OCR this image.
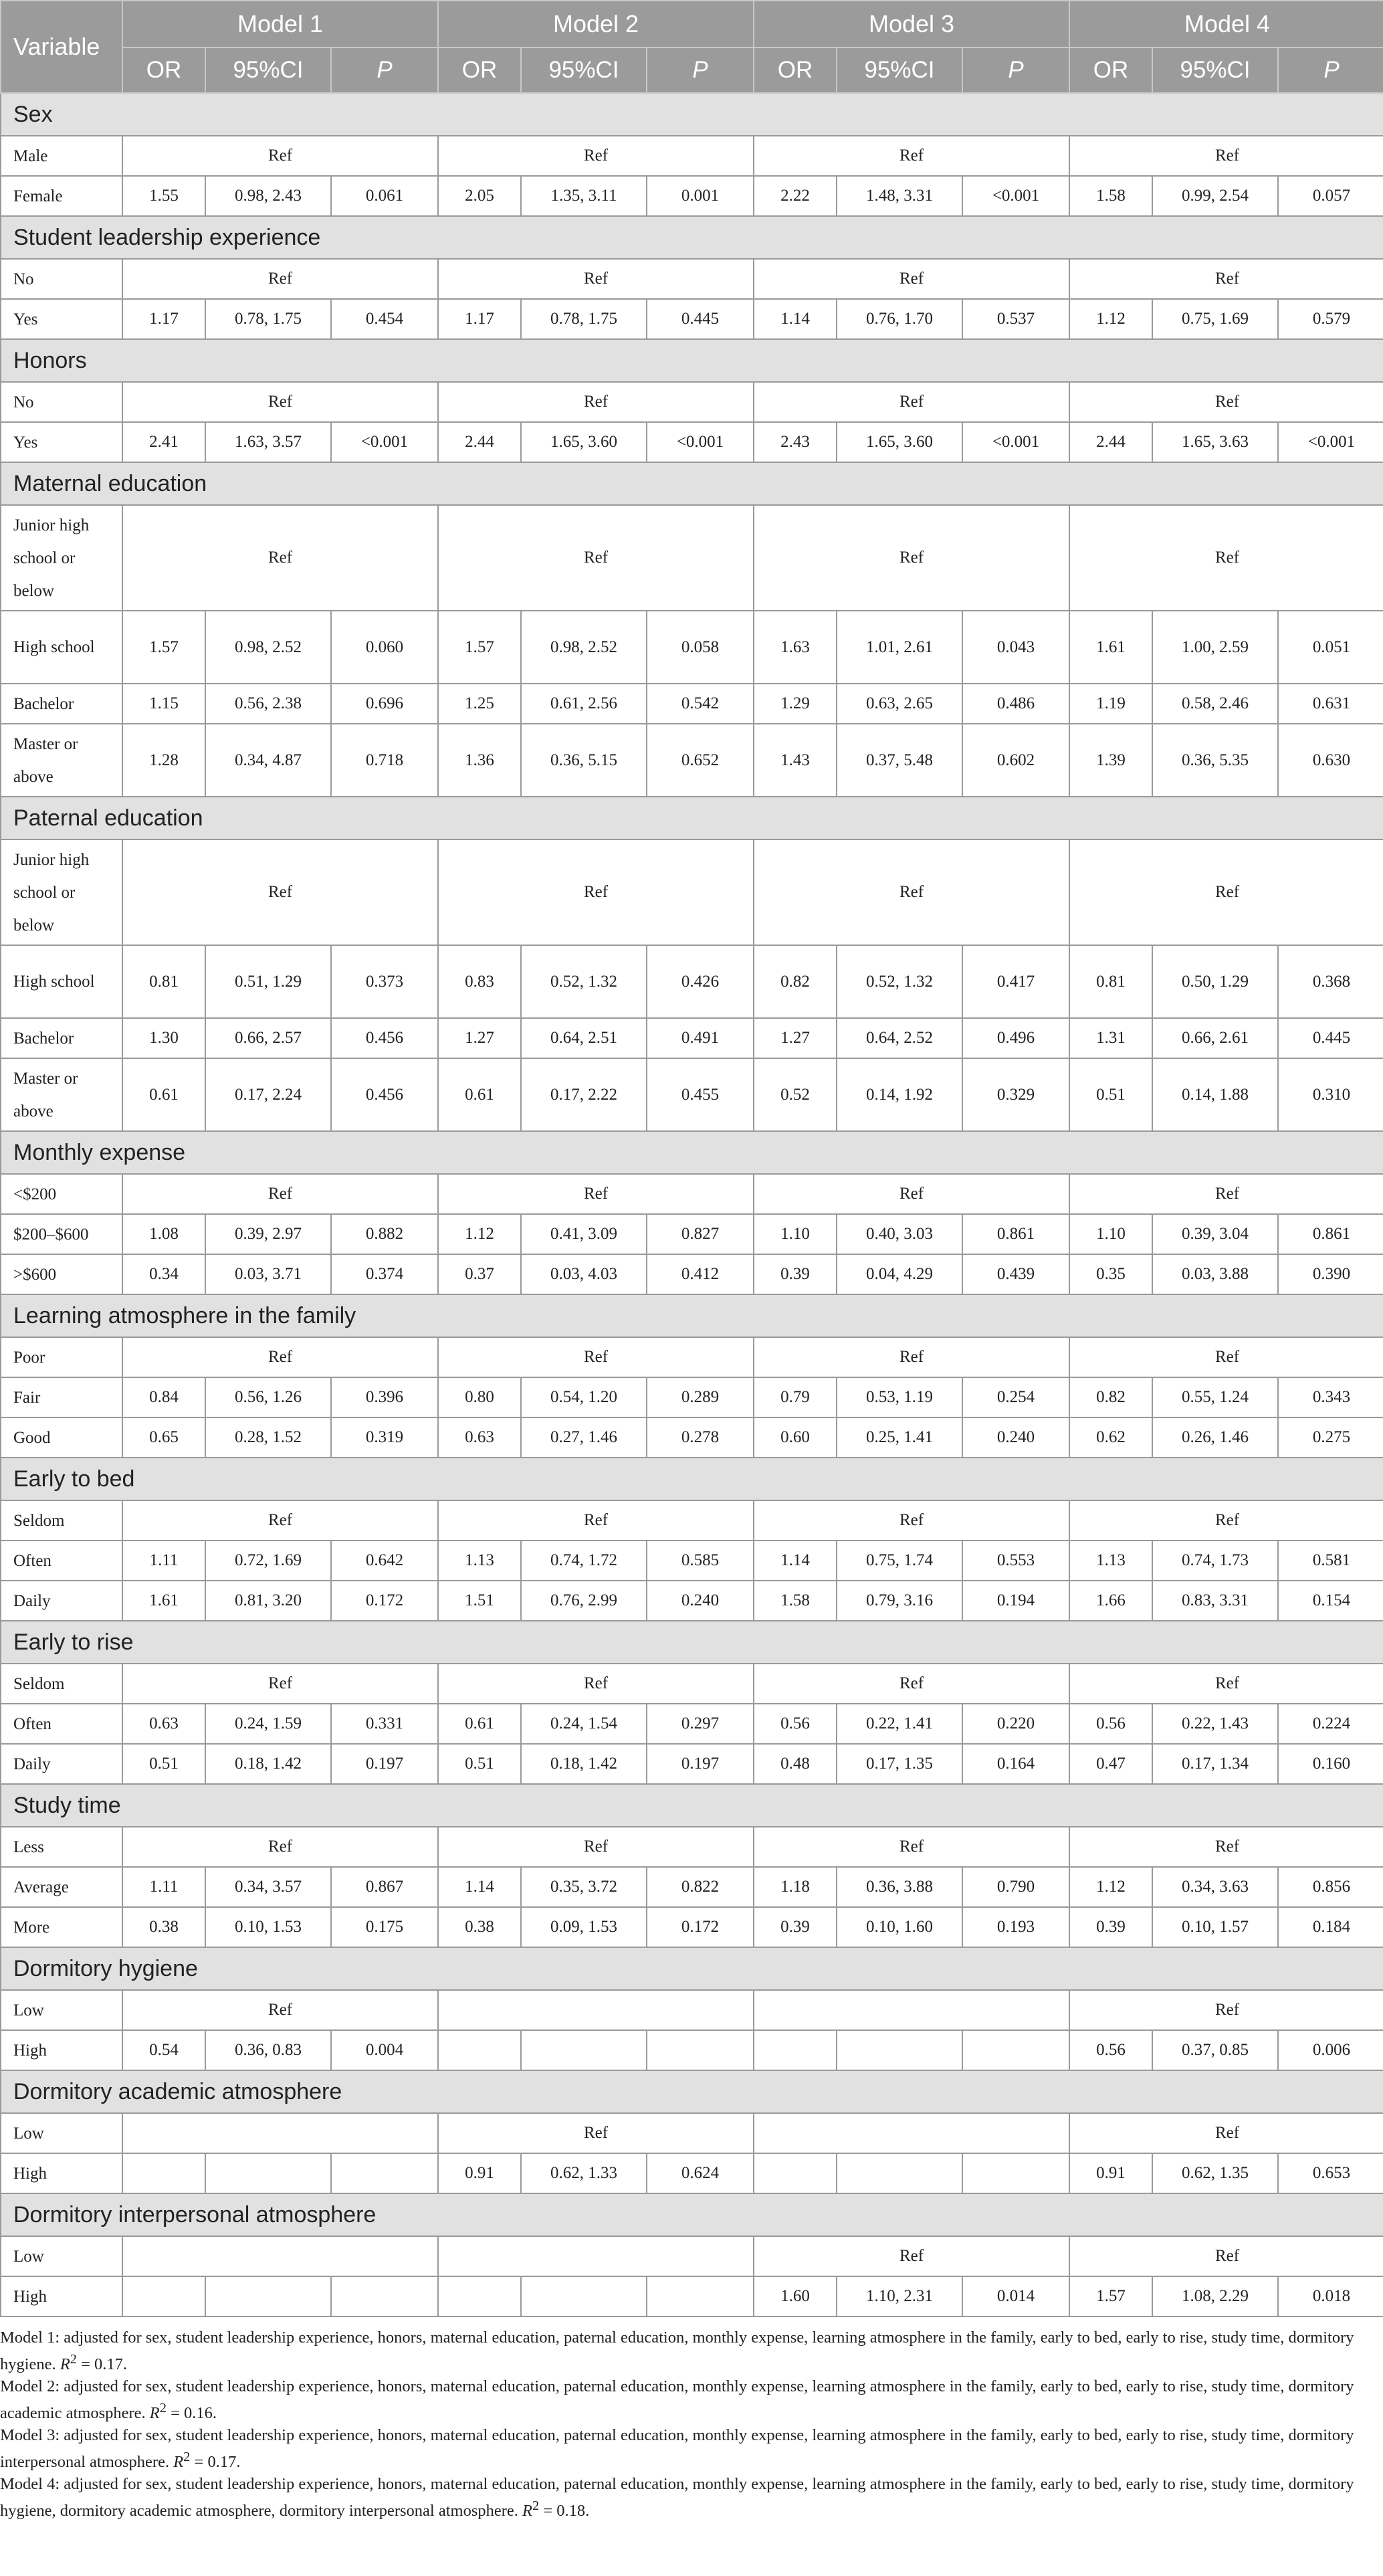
Variable	Model 1			Model 2			Model 3			Model 4		
	OR	95%CI	P	OR	95%CI	P	OR	95%CI	P	OR	95%CI	P
Sex												
Male	Ref			Ref			Ref			Ref		
Female	1.55	0.98, 2.43	0.061	2.05	1.35, 3.11	0.001	2.22	1.48, 3.31	<0.001	1.58	0.99, 2.54	0.057
Student leadership experience												
No	Ref			Ref			Ref			Ref		
Yes	1.17	0.78, 1.75	0.454	1.17	0.78, 1.75	0.445	1.14	0.76, 1.70	0.537	1.12	0.75, 1.69	0.579
Honors												
No	Ref			Ref			Ref			Ref		
Yes	2.41	1.63, 3.57	<0.001	2.44	1.65, 3.60	<0.001	2.43	1.65, 3.60	<0.001	2.44	1.65, 3.63	<0.001
Maternal education												
Junior high school or below	Ref			Ref			Ref			Ref		
High school	1.57	0.98, 2.52	0.060	1.57	0.98, 2.52	0.058	1.63	1.01, 2.61	0.043	1.61	1.00, 2.59	0.051
Bachelor	1.15	0.56, 2.38	0.696	1.25	0.61, 2.56	0.542	1.29	0.63, 2.65	0.486	1.19	0.58, 2.46	0.631
Master or above	1.28	0.34, 4.87	0.718	1.36	0.36, 5.15	0.652	1.43	0.37, 5.48	0.602	1.39	0.36, 5.35	0.630
Paternal education												
Junior high school or below	Ref			Ref			Ref			Ref		
High school	0.81	0.51, 1.29	0.373	0.83	0.52, 1.32	0.426	0.82	0.52, 1.32	0.417	0.81	0.50, 1.29	0.368
Bachelor	1.30	0.66, 2.57	0.456	1.27	0.64, 2.51	0.491	1.27	0.64, 2.52	0.496	1.31	0.66, 2.61	0.445
Master or above	0.61	0.17, 2.24	0.456	0.61	0.17, 2.22	0.455	0.52	0.14, 1.92	0.329	0.51	0.14, 1.88	0.310
Monthly expense												
<$200	Ref			Ref			Ref			Ref		
$200–$600	1.08	0.39, 2.97	0.882	1.12	0.41, 3.09	0.827	1.10	0.40, 3.03	0.861	1.10	0.39, 3.04	0.861
>$600	0.34	0.03, 3.71	0.374	0.37	0.03, 4.03	0.412	0.39	0.04, 4.29	0.439	0.35	0.03, 3.88	0.390
Learning atmosphere in the family												
Poor	Ref			Ref			Ref			Ref		
Fair	0.84	0.56, 1.26	0.396	0.80	0.54, 1.20	0.289	0.79	0.53, 1.19	0.254	0.82	0.55, 1.24	0.343
Good	0.65	0.28, 1.52	0.319	0.63	0.27, 1.46	0.278	0.60	0.25, 1.41	0.240	0.62	0.26, 1.46	0.275
Early to bed												
Seldom	Ref			Ref			Ref			Ref		
Often	1.11	0.72, 1.69	0.642	1.13	0.74, 1.72	0.585	1.14	0.75, 1.74	0.553	1.13	0.74, 1.73	0.581
Daily	1.61	0.81, 3.20	0.172	1.51	0.76, 2.99	0.240	1.58	0.79, 3.16	0.194	1.66	0.83, 3.31	0.154
Early to rise												
Seldom	Ref			Ref			Ref			Ref		
Often	0.63	0.24, 1.59	0.331	0.61	0.24, 1.54	0.297	0.56	0.22, 1.41	0.220	0.56	0.22, 1.43	0.224
Daily	0.51	0.18, 1.42	0.197	0.51	0.18, 1.42	0.197	0.48	0.17, 1.35	0.164	0.47	0.17, 1.34	0.160
Study time												
Less	Ref			Ref			Ref			Ref		
Average	1.11	0.34, 3.57	0.867	1.14	0.35, 3.72	0.822	1.18	0.36, 3.88	0.790	1.12	0.34, 3.63	0.856
More	0.38	0.10, 1.53	0.175	0.38	0.09, 1.53	0.172	0.39	0.10, 1.60	0.193	0.39	0.10, 1.57	0.184
Dormitory hygiene												
Low	Ref									Ref		
High	0.54	0.36, 0.83	0.004							0.56	0.37, 0.85	0.006
Dormitory academic atmosphere												
Low				Ref						Ref		
High				0.91	0.62, 1.33	0.624				0.91	0.62, 1.35	0.653
Dormitory interpersonal atmosphere												
Low							Ref			Ref		
High							1.60	1.10, 2.31	0.014	1.57	1.08, 2.29	0.018

Model 1: adjusted for sex, student leadership experience, honors, maternal education, paternal education, monthly expense, learning atmosphere in the family, early to bed, early to rise, study time, dormitory hygiene. $R^2 = 0.17$.

Model 2: adjusted for sex, student leadership experience, honors, maternal education, paternal education, monthly expense, learning atmosphere in the family, early to bed, early to rise, study time, dormitory academic atmosphere. $R^2 = 0.16$.

Model 3: adjusted for sex, student leadership experience, honors, maternal education, paternal education, monthly expense, learning atmosphere in the family, early to bed, early to rise, study time, dormitory interpersonal atmosphere. $R^2 = 0.17$.

Model 4: adjusted for sex, student leadership experience, honors, maternal education, paternal education, monthly expense, learning atmosphere in the family, early to bed, early to rise, study time, dormitory hygiene, dormitory academic atmosphere, dormitory interpersonal atmosphere. $R^2 = 0.18$.
